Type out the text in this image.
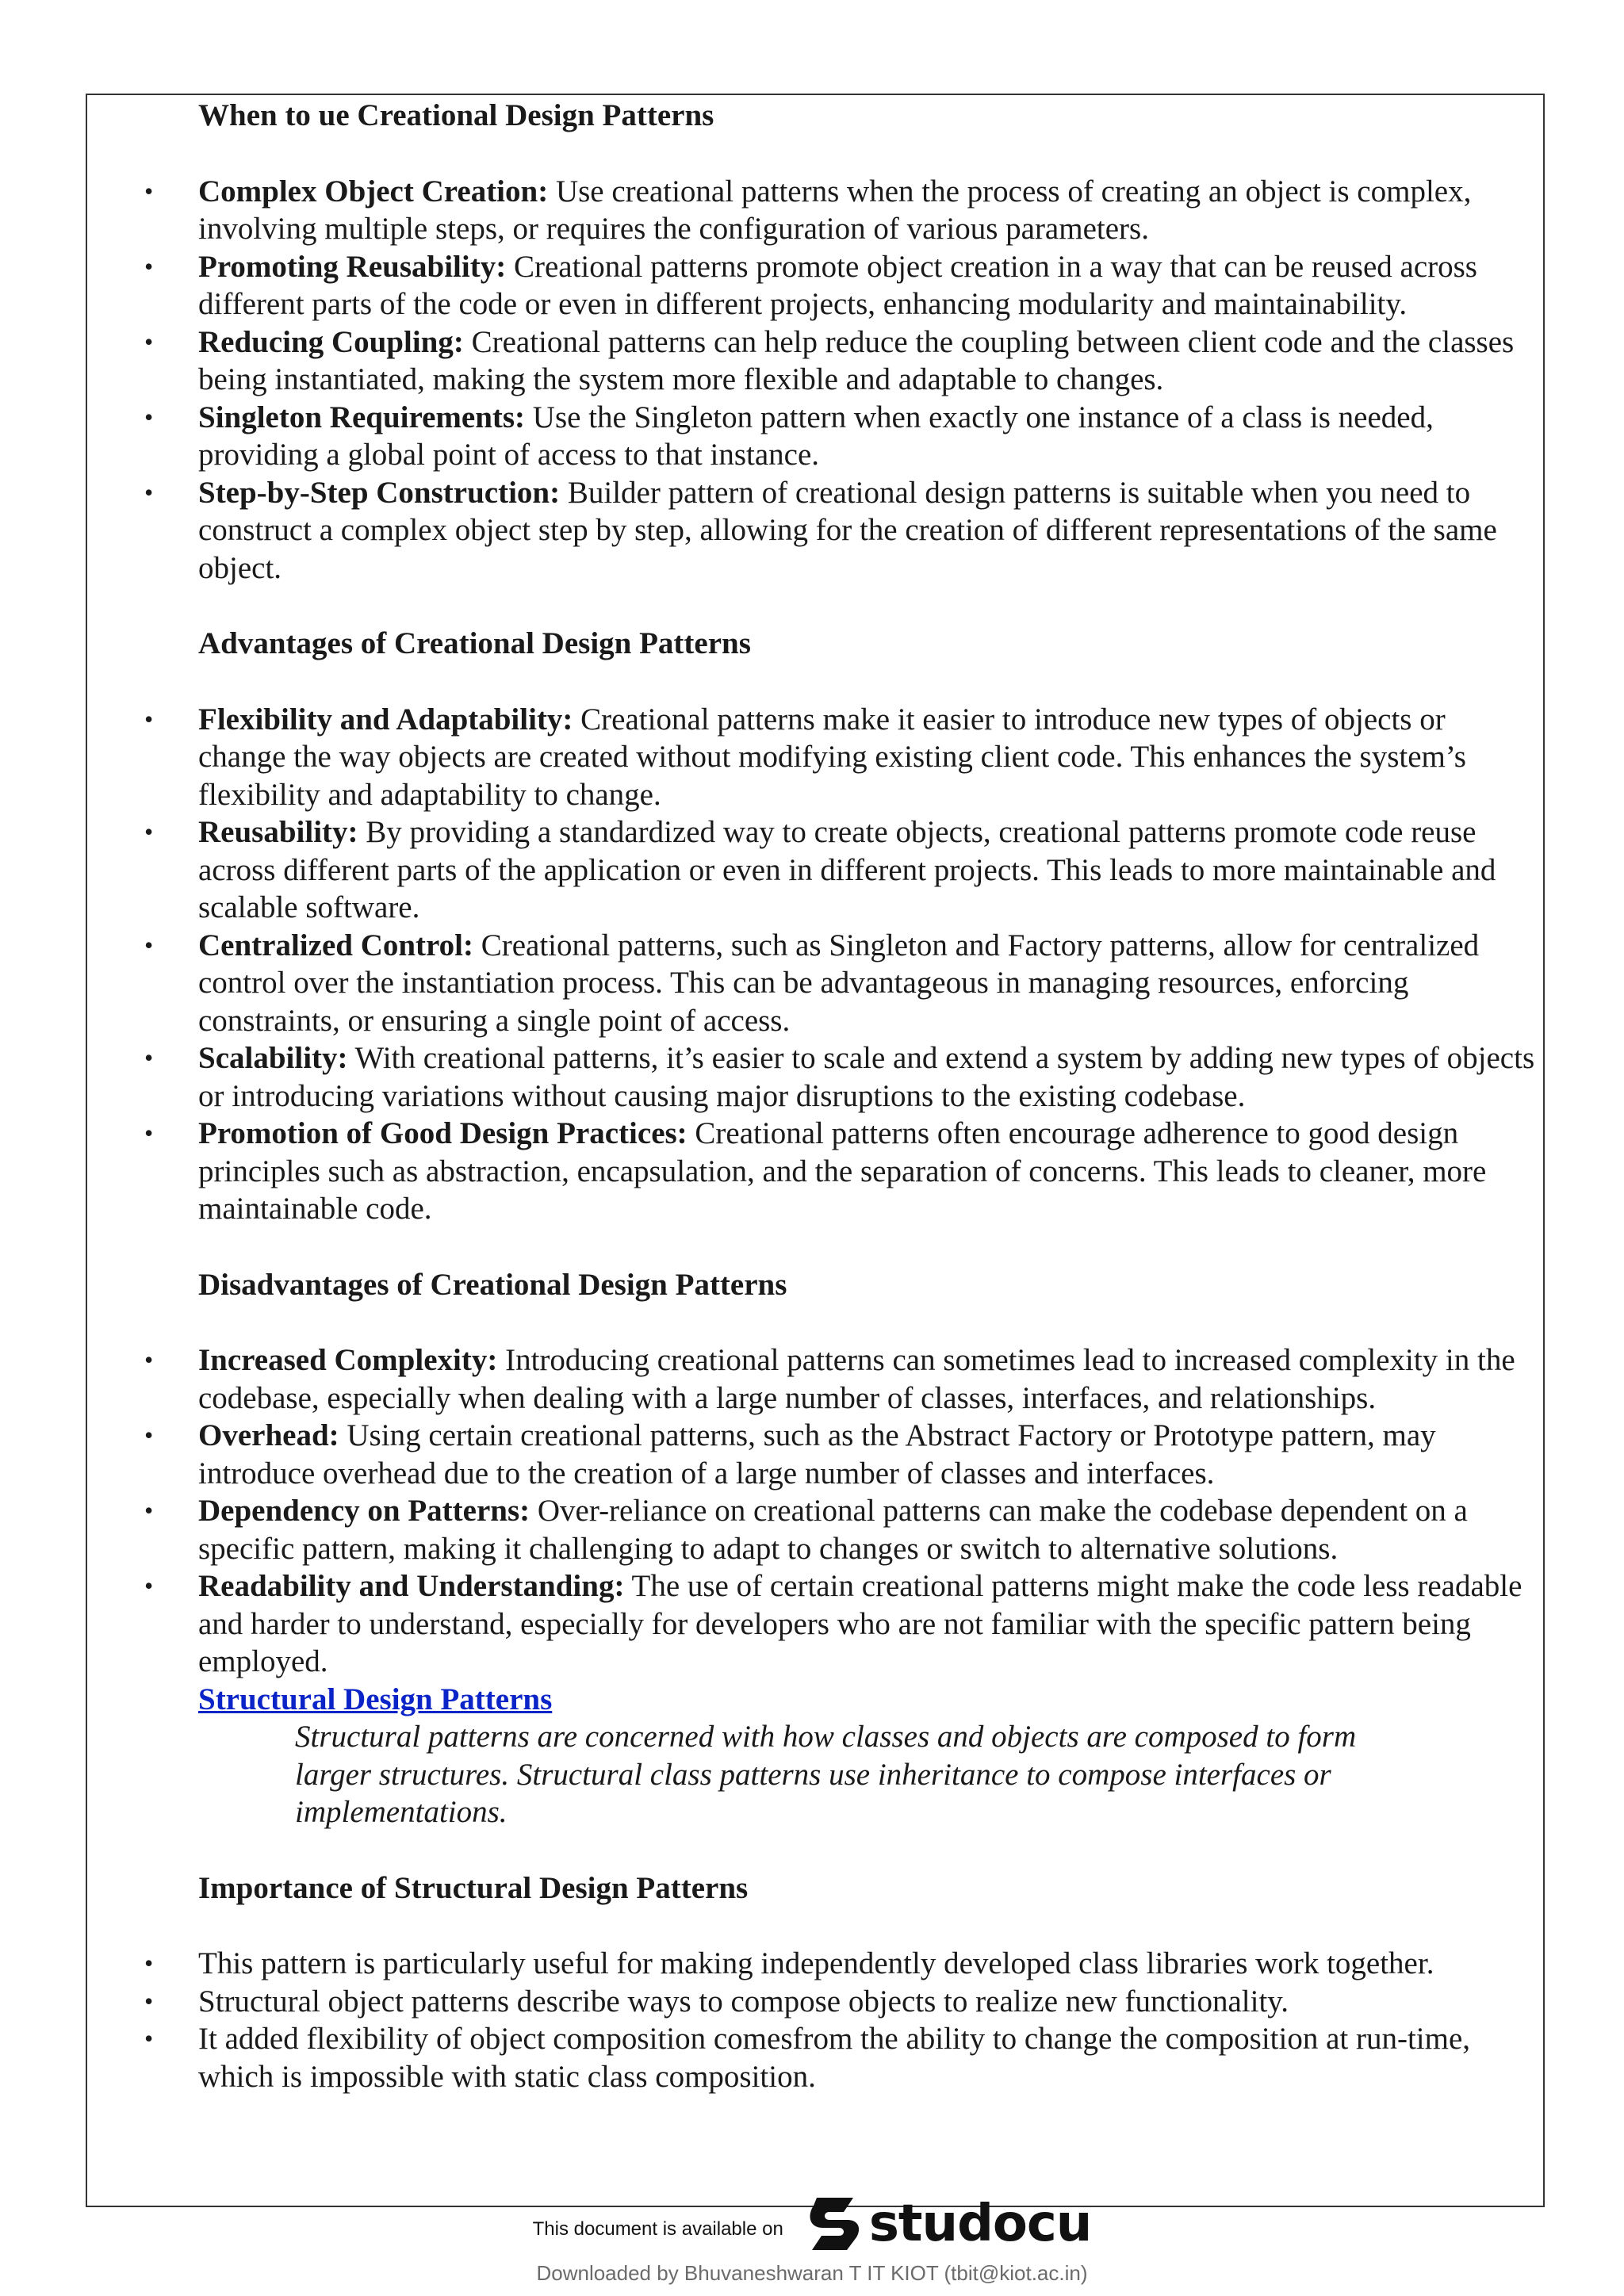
When to ue Creational Design Patterns
• Complex Object Creation: Use creational patterns when the process of creating an object is complex, involving multiple steps, or requires the configuration of various parameters.
• Promoting Reusability: Creational patterns promote object creation in a way that can be reused across different parts of the code or even in different projects, enhancing modularity and maintainability.
• Reducing Coupling: Creational patterns can help reduce the coupling between client code and the classes being instantiated, making the system more flexible and adaptable to changes.
• Singleton Requirements: Use the Singleton pattern when exactly one instance of a class is needed, providing a global point of access to that instance.
• Step-by-Step Construction: Builder pattern of creational design patterns is suitable when you need to construct a complex object step by step, allowing for the creation of different representations of the same object.
Advantages of Creational Design Patterns
• Flexibility and Adaptability: Creational patterns make it easier to introduce new types of objects or change the way objects are created without modifying existing client code. This enhances the system’s flexibility and adaptability to change.
• Reusability: By providing a standardized way to create objects, creational patterns promote code reuse across different parts of the application or even in different projects. This leads to more maintainable and scalable software.
• Centralized Control: Creational patterns, such as Singleton and Factory patterns, allow for centralized control over the instantiation process. This can be advantageous in managing resources, enforcing constraints, or ensuring a single point of access.
• Scalability: With creational patterns, it’s easier to scale and extend a system by adding new types of objects or introducing variations without causing major disruptions to the existing codebase.
• Promotion of Good Design Practices: Creational patterns often encourage adherence to good design principles such as abstraction, encapsulation, and the separation of concerns. This leads to cleaner, more maintainable code.
Disadvantages of Creational Design Patterns
• Increased Complexity: Introducing creational patterns can sometimes lead to increased complexity in the codebase, especially when dealing with a large number of classes, interfaces, and relationships.
• Overhead: Using certain creational patterns, such as the Abstract Factory or Prototype pattern, may introduce overhead due to the creation of a large number of classes and interfaces.
• Dependency on Patterns: Over-reliance on creational patterns can make the codebase dependent on a specific pattern, making it challenging to adapt to changes or switch to alternative solutions.
• Readability and Understanding: The use of certain creational patterns might make the code less readable and harder to understand, especially for developers who are not familiar with the specific pattern being employed.
Structural Design Patterns
Structural patterns are concerned with how classes and objects are composed to form larger structures. Structural class patterns use inheritance to compose interfaces or implementations.
Importance of Structural Design Patterns
• This pattern is particularly useful for making independently developed class libraries work together.
• Structural object patterns describe ways to compose objects to realize new functionality.
• It added flexibility of object composition comesfrom the ability to change the composition at run-time, which is impossible with static class composition.
This document is available on studocu
Downloaded by Bhuvaneshwaran T IT KIOT (tbit@kiot.ac.in)
